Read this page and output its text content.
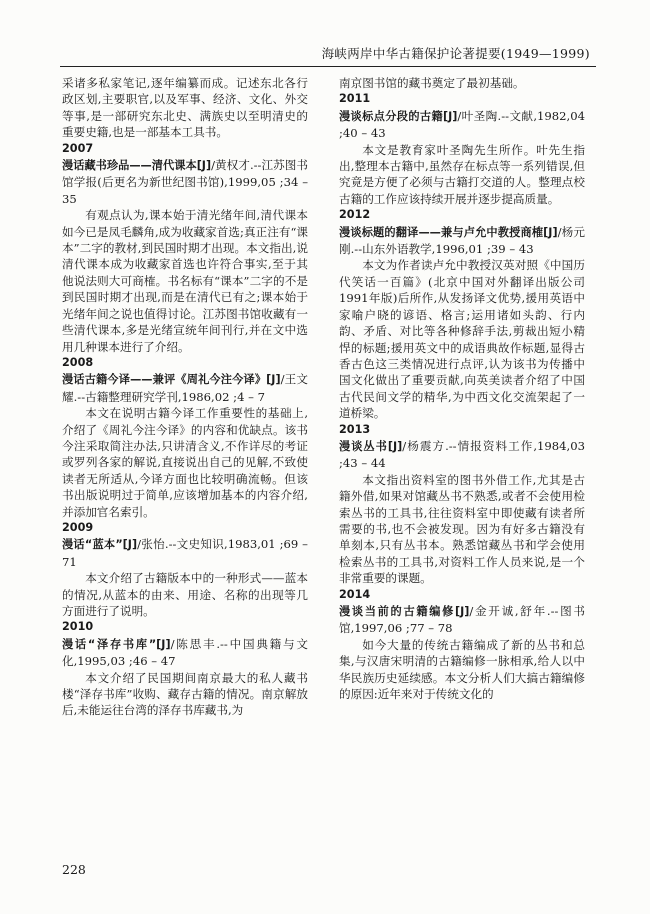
海峡两岸中华古籍保护论著提要(1949—1999)

采诸多私家笔记,逐年编纂而成。记述东北各行政区划,主要职官,以及军事、经济、文化、外交等事,是一部研究东北史、满族史以至明清史的重要史籍,也是一部基本工具书。

2007

漫话藏书珍品——清代课本[J]/黄权才.--江苏图书馆学报(后更名为新世纪图书馆),1999,05 ;34 – 35

有观点认为,课本始于清光绪年间,清代课本如今已是凤毛麟角,成为收藏家首选;真正注有“课本”二字的教材,到民国时期才出现。本文指出,说清代课本成为收藏家首选也许符合事实,至于其他说法则大可商榷。书名标有“课本”二字的不是到民国时期才出现,而是在清代已有之;课本始于光绪年间之说也值得讨论。江苏图书馆收藏有一些清代课本,多是光绪宣统年间刊行,并在文中选用几种课本进行了介绍。

2008

漫话古籍今译——兼评《周礼今注今译》[J]/王文耀.--古籍整理研究学刊,1986,02 ;4 – 7

本文在说明古籍今译工作重要性的基础上,介绍了《周礼今注今译》的内容和优缺点。该书今注采取简注办法,只讲清含义,不作详尽的考证或罗列各家的解说,直接说出自己的见解,不致使读者无所适从,今译方面也比较明确流畅。但该书出版说明过于简单,应该增加基本的内容介绍,并添加官名索引。

2009

漫话“蓝本”[J]/张怡.--文史知识,1983,01 ;69 – 71

本文介绍了古籍版本中的一种形式——蓝本的情况,从蓝本的由来、用途、名称的出现等几方面进行了说明。

2010

漫话“泽存书库”[J]/陈思丰.--中国典籍与文化,1995,03 ;46 – 47

本文介绍了民国期间南京最大的私人藏书楼“泽存书库”收购、藏存古籍的情况。南京解放后,未能运往台湾的泽存书库藏书,为

南京图书馆的藏书奠定了最初基础。

2011

漫谈标点分段的古籍[J]/叶圣陶.--文献,1982,04 ;40 – 43

本文是教育家叶圣陶先生所作。叶先生指出,整理本古籍中,虽然存在标点等一系列错误,但究竟是方便了必须与古籍打交道的人。整理点校古籍的工作应该持续开展并逐步提高质量。

2012

漫谈标题的翻译——兼与卢允中教授商榷[J]/杨元刚.--山东外语教学,1996,01 ;39 – 43

本文为作者读卢允中教授汉英对照《中国历代笑话一百篇》(北京中国对外翻译出版公司1991年版)后所作,从发扬译文优势,援用英语中家喻户晓的谚语、格言;运用诸如头韵、行内韵、矛盾、对比等各种修辞手法,剪裁出短小精悍的标题;援用英文中的成语典故作标题,显得古香古色这三类情况进行点评,认为该书为传播中国文化做出了重要贡献,向英美读者介绍了中国古代民间文学的精华,为中西文化交流架起了一道桥梁。

2013

漫谈丛书[J]/杨震方.--情报资料工作,1984,03 ;43 – 44

本文指出资料室的图书外借工作,尤其是古籍外借,如果对馆藏丛书不熟悉,或者不会使用检索丛书的工具书,往往资料室中即使藏有读者所需要的书,也不会被发现。因为有好多古籍没有单刻本,只有丛书本。熟悉馆藏丛书和学会使用检索丛书的工具书,对资料工作人员来说,是一个非常重要的课题。

2014

漫谈当前的古籍编修[J]/金开诚,舒年.--图书馆,1997,06 ;77 – 78

如今大量的传统古籍编成了新的丛书和总集,与汉唐宋明清的古籍编修一脉相承,给人以中华民族历史延续感。本文分析人们大搞古籍编修的原因:近年来对于传统文化的

228
